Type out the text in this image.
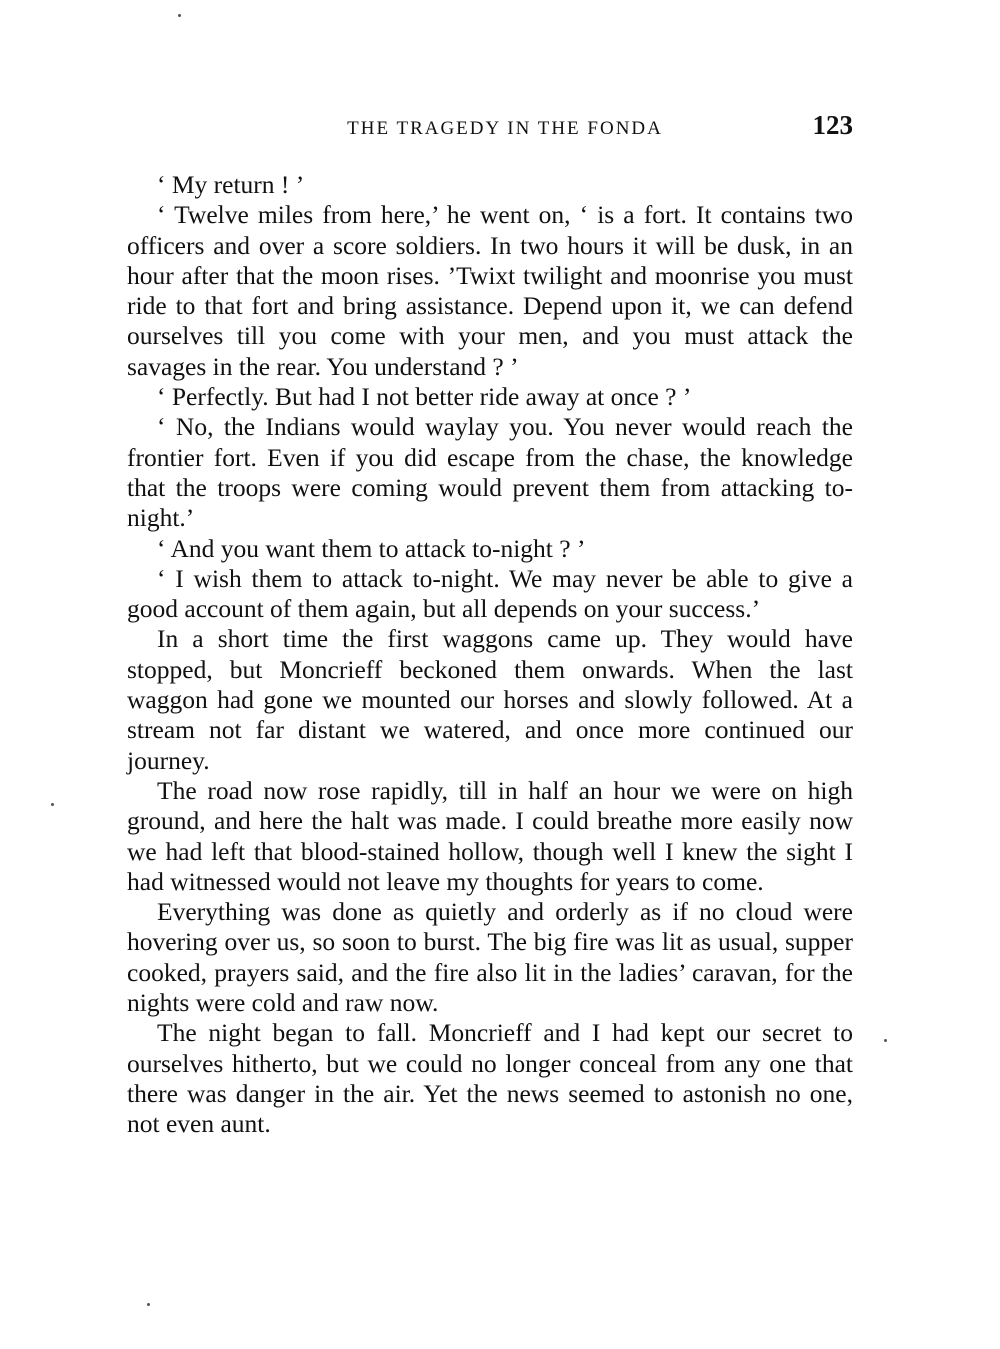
THE TRAGEDY IN THE FONDA	123

‘ My return ! ’

‘ Twelve miles from here,’ he went on, ‘ is a fort. It contains two officers and over a score soldiers. In two hours it will be dusk, in an hour after that the moon rises. ’Twixt twilight and moonrise you must ride to that fort and bring assistance. Depend upon it, we can defend ourselves till you come with your men, and you must attack the savages in the rear. You understand ? ’

‘ Perfectly. But had I not better ride away at once ? ’

‘ No, the Indians would waylay you. You never would reach the frontier fort. Even if you did escape from the chase, the knowledge that the troops were coming would prevent them from attacking to-night.’

‘ And you want them to attack to-night ? ’

‘ I wish them to attack to-night. We may never be able to give a good account of them again, but all depends on your success.’

In a short time the first waggons came up. They would have stopped, but Moncrieff beckoned them onwards. When the last waggon had gone we mounted our horses and slowly followed. At a stream not far distant we watered, and once more continued our journey.

The road now rose rapidly, till in half an hour we were on high ground, and here the halt was made. I could breathe more easily now we had left that blood-stained hollow, though well I knew the sight I had witnessed would not leave my thoughts for years to come.

Everything was done as quietly and orderly as if no cloud were hovering over us, so soon to burst. The big fire was lit as usual, supper cooked, prayers said, and the fire also lit in the ladies’ caravan, for the nights were cold and raw now.

The night began to fall. Moncrieff and I had kept our secret to ourselves hitherto, but we could no longer conceal from any one that there was danger in the air. Yet the news seemed to astonish no one, not even aunt.
